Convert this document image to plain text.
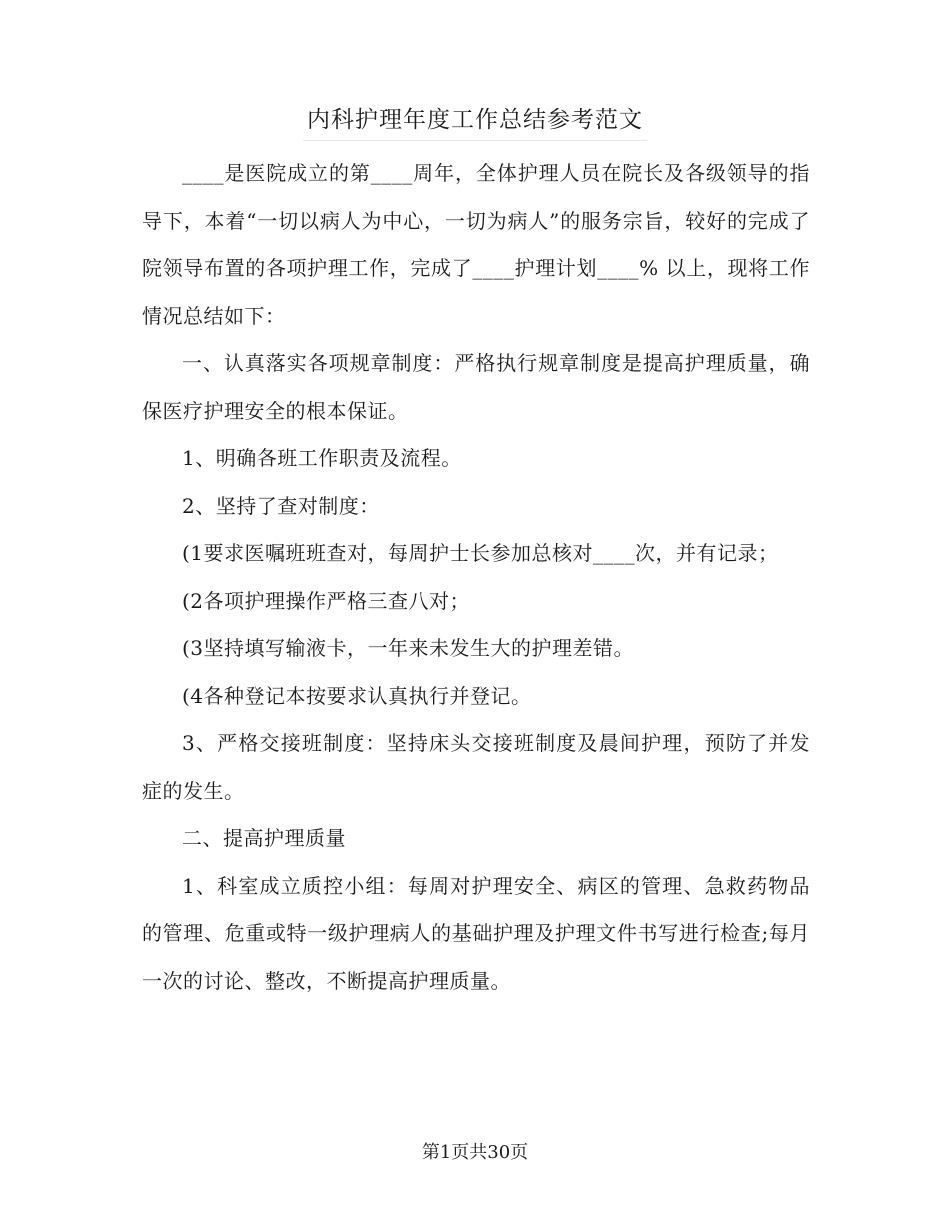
内科护理年度工作总结参考范文

____是医院成立的第____周年，全体护理人员在院长及各级领导的指导下，本着“一切以病人为中心，一切为病人”的服务宗旨，较好的完成了院领导布置的各项护理工作，完成了____护理计划____% 以上，现将工作情况总结如下：

一、认真落实各项规章制度：严格执行规章制度是提高护理质量，确保医疗护理安全的根本保证。

1、明确各班工作职责及流程。

2、坚持了查对制度：

(1要求医嘱班班查对，每周护士长参加总核对____次，并有记录；

(2各项护理操作严格三查八对；

(3坚持填写输液卡，一年来未发生大的护理差错。

(4各种登记本按要求认真执行并登记。

3、严格交接班制度：坚持床头交接班制度及晨间护理，预防了并发症的发生。

二、提高护理质量

1、科室成立质控小组：每周对护理安全、病区的管理、急救药物品的管理、危重或特一级护理病人的基础护理及护理文件书写进行检查;每月一次的讨论、整改，不断提高护理质量。

第1页共30页
